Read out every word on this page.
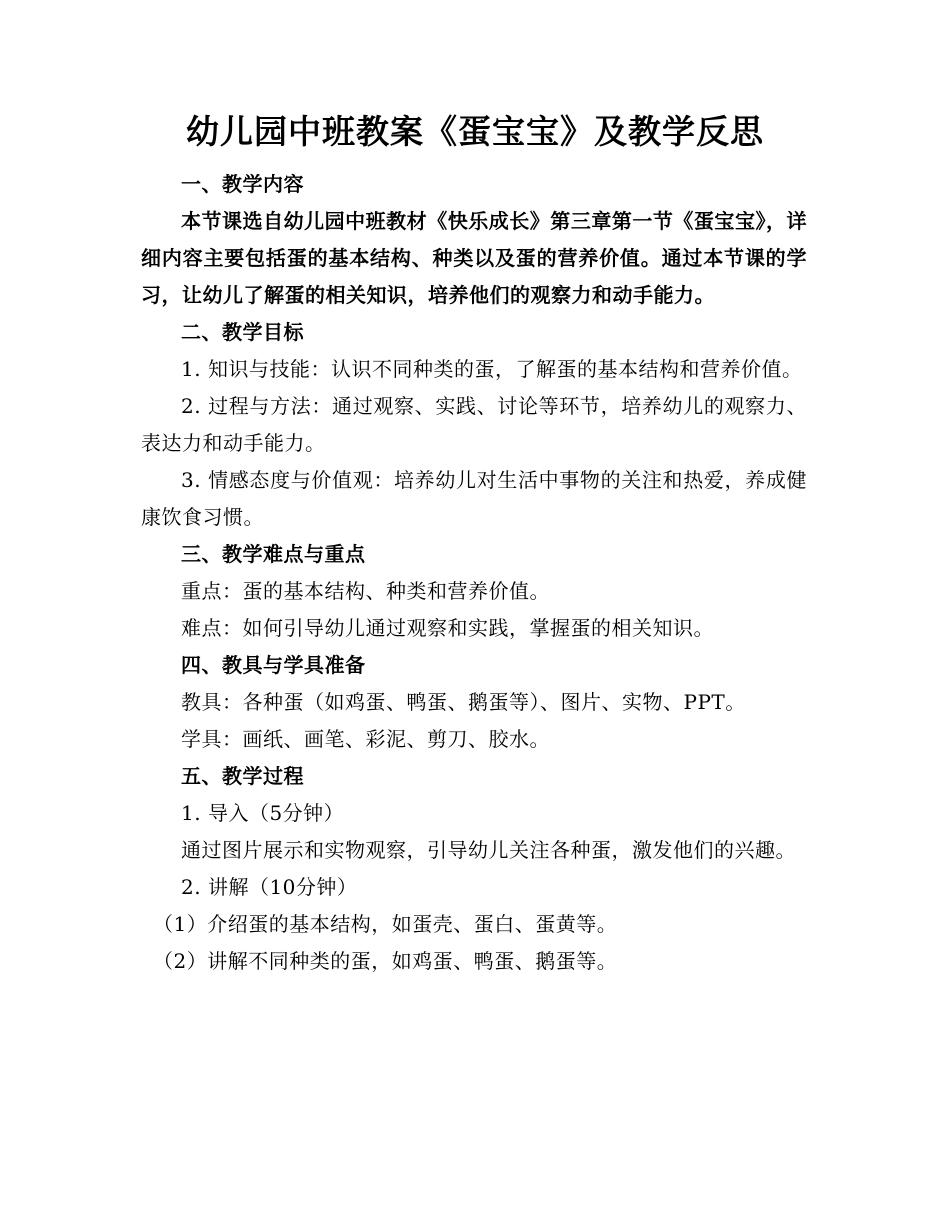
幼儿园中班教案《蛋宝宝》及教学反思

一、教学内容

本节课选自幼儿园中班教材《快乐成长》第三章第一节《蛋宝宝》，详细内容主要包括蛋的基本结构、种类以及蛋的营养价值。通过本节课的学习，让幼儿了解蛋的相关知识，培养他们的观察力和动手能力。

二、教学目标

1. 知识与技能：认识不同种类的蛋，了解蛋的基本结构和营养价值。

2. 过程与方法：通过观察、实践、讨论等环节，培养幼儿的观察力、表达力和动手能力。

3. 情感态度与价值观：培养幼儿对生活中事物的关注和热爱，养成健康饮食习惯。

三、教学难点与重点

重点：蛋的基本结构、种类和营养价值。

难点：如何引导幼儿通过观察和实践，掌握蛋的相关知识。

四、教具与学具准备

教具：各种蛋（如鸡蛋、鸭蛋、鹅蛋等）、图片、实物、PPT。

学具：画纸、画笔、彩泥、剪刀、胶水。

五、教学过程

1. 导入（5分钟）

通过图片展示和实物观察，引导幼儿关注各种蛋，激发他们的兴趣。

2. 讲解（10分钟）

（1）介绍蛋的基本结构，如蛋壳、蛋白、蛋黄等。

（2）讲解不同种类的蛋，如鸡蛋、鸭蛋、鹅蛋等。
